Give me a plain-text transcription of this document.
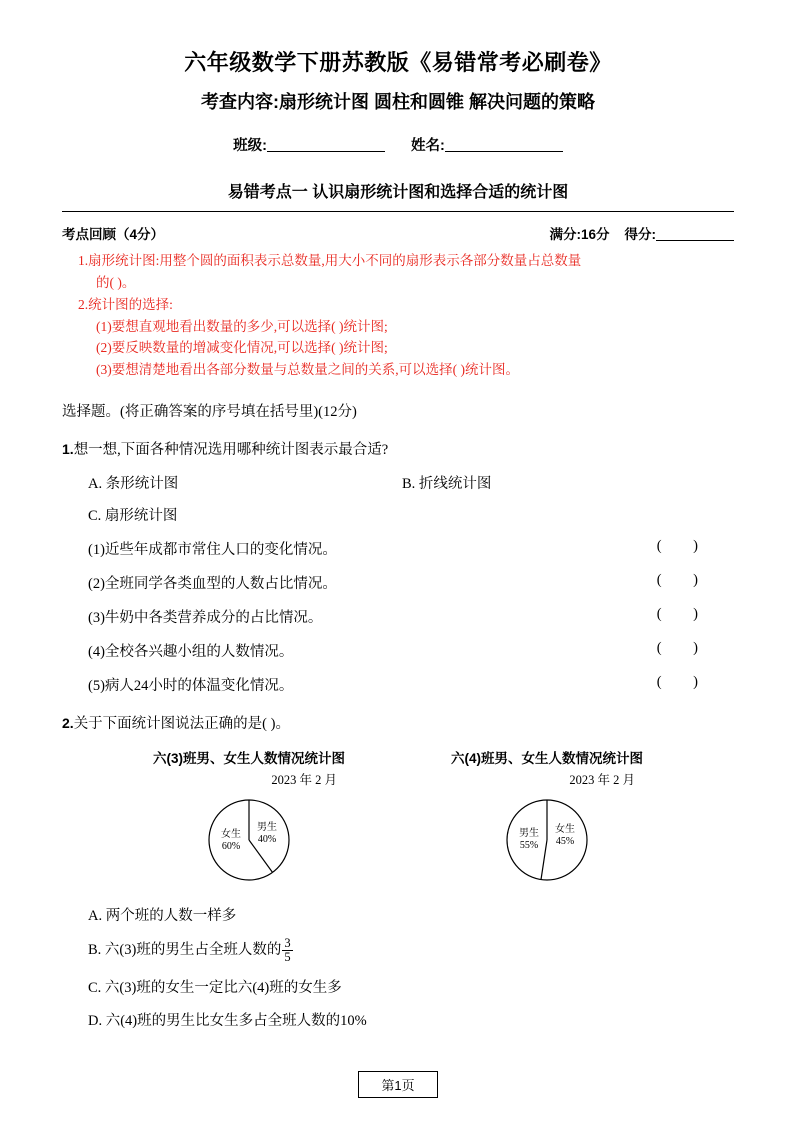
六年级数学下册苏教版《易错常考必刷卷》
考查内容:扇形统计图 圆柱和圆锥 解决问题的策略
班级:	姓名:
易错考点一 认识扇形统计图和选择合适的统计图
考点回顾（4分）	满分:16分 得分:
1.扇形统计图:用整个圆的面积表示总数量,用大小不同的扇形表示各部分数量占总数量
的( )。
2.统计图的选择:
(1)要想直观地看出数量的多少,可以选择( )统计图;
(2)要反映数量的增减变化情况,可以选择( )统计图;
(3)要想清楚地看出各部分数量与总数量之间的关系,可以选择( )统计图。
选择题。(将正确答案的序号填在括号里)(12分)
1.想一想,下面各种情况选用哪种统计图表示最合适?
A. 条形统计图	B. 折线统计图
C. 扇形统计图
(1)近些年成都市常住人口的变化情况。	( )
(2)全班同学各类血型的人数占比情况。	( )
(3)牛奶中各类营养成分的占比情况。	( )
(4)全校各兴趣小组的人数情况。	( )
(5)病人24小时的体温变化情况。	( )
2.关于下面统计图说法正确的是( )。
六(3)班男、女生人数情况统计图
2023 年 2 月
女生
60%
男生
40%
六(4)班男、女生人数情况统计图
2023 年 2 月
男生
55%
女生
45%
A. 两个班的人数一样多
B. 六(3)班的男生占全班人数的 $\frac{3}{5}$
C. 六(3)班的女生一定比六(4)班的女生多
D. 六(4)班的男生比女生多占全班人数的10%
第1页
